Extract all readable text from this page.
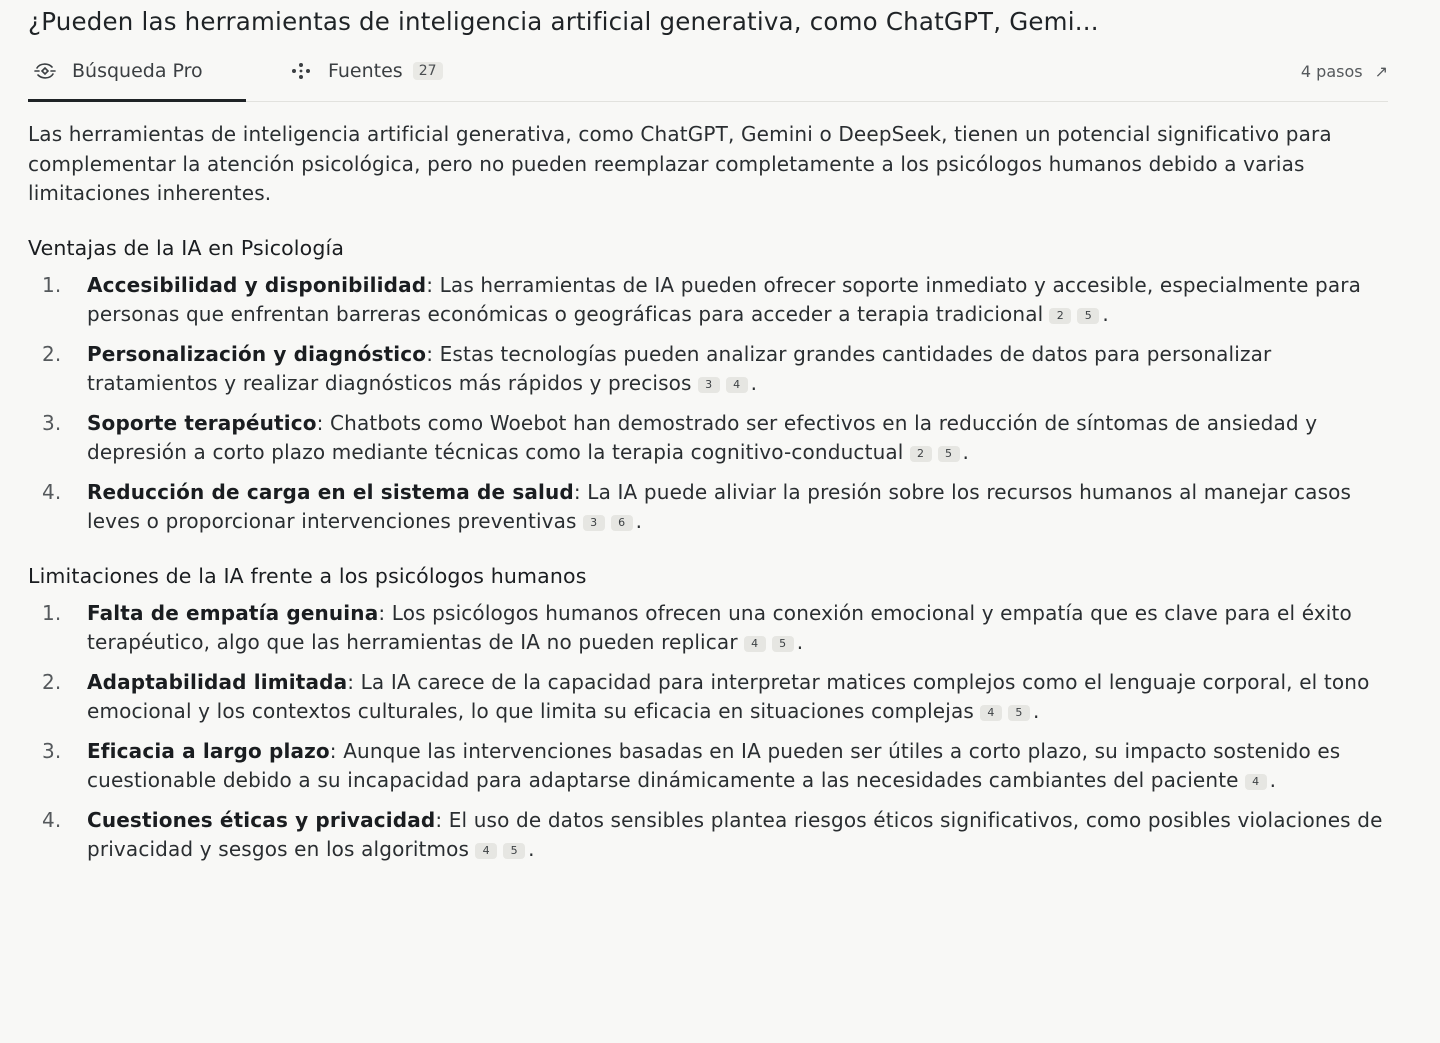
¿Pueden las herramientas de inteligencia artificial generativa, como ChatGPT, Gemi...
Búsqueda Pro	Fuentes	27	4 pasos ↗

Las herramientas de inteligencia artificial generativa, como ChatGPT, Gemini o DeepSeek, tienen un potencial significativo para complementar la atención psicológica, pero no pueden reemplazar completamente a los psicólogos humanos debido a varias limitaciones inherentes.

Ventajas de la IA en Psicología
1. Accesibilidad y disponibilidad: Las herramientas de IA pueden ofrecer soporte inmediato y accesible, especialmente para personas que enfrentan barreras económicas o geográficas para acceder a terapia tradicional 2 5 .
2. Personalización y diagnóstico: Estas tecnologías pueden analizar grandes cantidades de datos para personalizar tratamientos y realizar diagnósticos más rápidos y precisos 3 4 .
3. Soporte terapéutico: Chatbots como Woebot han demostrado ser efectivos en la reducción de síntomas de ansiedad y depresión a corto plazo mediante técnicas como la terapia cognitivo-conductual 2 5 .
4. Reducción de carga en el sistema de salud: La IA puede aliviar la presión sobre los recursos humanos al manejar casos leves o proporcionar intervenciones preventivas 3 6 .
Limitaciones de la IA frente a los psicólogos humanos
1. Falta de empatía genuina: Los psicólogos humanos ofrecen una conexión emocional y empatía que es clave para el éxito terapéutico, algo que las herramientas de IA no pueden replicar 4 5 .
2. Adaptabilidad limitada: La IA carece de la capacidad para interpretar matices complejos como el lenguaje corporal, el tono emocional y los contextos culturales, lo que limita su eficacia en situaciones complejas 4 5 .
3. Eficacia a largo plazo: Aunque las intervenciones basadas en IA pueden ser útiles a corto plazo, su impacto sostenido es cuestionable debido a su incapacidad para adaptarse dinámicamente a las necesidades cambiantes del paciente 4 .
4. Cuestiones éticas y privacidad: El uso de datos sensibles plantea riesgos éticos significativos, como posibles violaciones de privacidad y sesgos en los algoritmos 4 5 .
